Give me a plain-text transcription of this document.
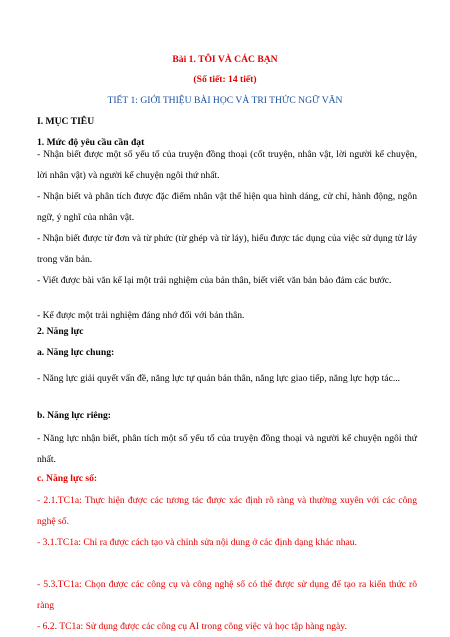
Bài 1. TÔI VÀ CÁC BẠN
(Số tiết: 14 tiết)
TIẾT 1: GIỚI THIỆU BÀI HỌC VÀ TRI THỨC NGỮ VĂN
I. MỤC TIÊU
1. Mức độ yêu cầu cần đạt
- Nhận biết được một số yếu tố của truyện đồng thoại (cốt truyện, nhân vật, lời người kể chuyện, lời nhân vật) và người kể chuyện ngôi thứ nhất.
- Nhận biết và phân tích được đặc điểm nhân vật thể hiện qua hình dáng, cử chỉ, hành động, ngôn ngữ, ý nghĩ của nhân vật.
- Nhận biết được từ đơn và từ phức (từ ghép và từ láy), hiểu được tác dụng của việc sử dụng từ láy trong văn bản.
- Viết được bài văn kể lại một trải nghiệm của bản thân, biết viết văn bản bảo đảm các bước.
- Kể được một trải nghiệm đáng nhớ đối với bản thân.
2. Năng lực
a. Năng lực chung:
- Năng lực giải quyết vấn đề, năng lực tự quản bản thân, năng lực giao tiếp, năng lực hợp tác...
b. Năng lực riêng:
- Năng lực nhận biết, phân tích một số yếu tố của truyện đồng thoại và người kể chuyện ngôi thứ nhất.
c. Năng lực số:
- 2.1.TC1a: Thực hiện được các tương tác được xác định rõ ràng và thường xuyên với các công nghệ số.
- 3.1.TC1a: Chỉ ra được cách tạo và chỉnh sửa nội dung ở các định dạng khác nhau.
- 5.3.TC1a: Chọn được các công cụ và công nghệ số có thể được sử dụng để tạo ra kiến thức rõ ràng
- 6.2. TC1a: Sử dụng được các công cụ AI trong công việc và học tập hàng ngày.
